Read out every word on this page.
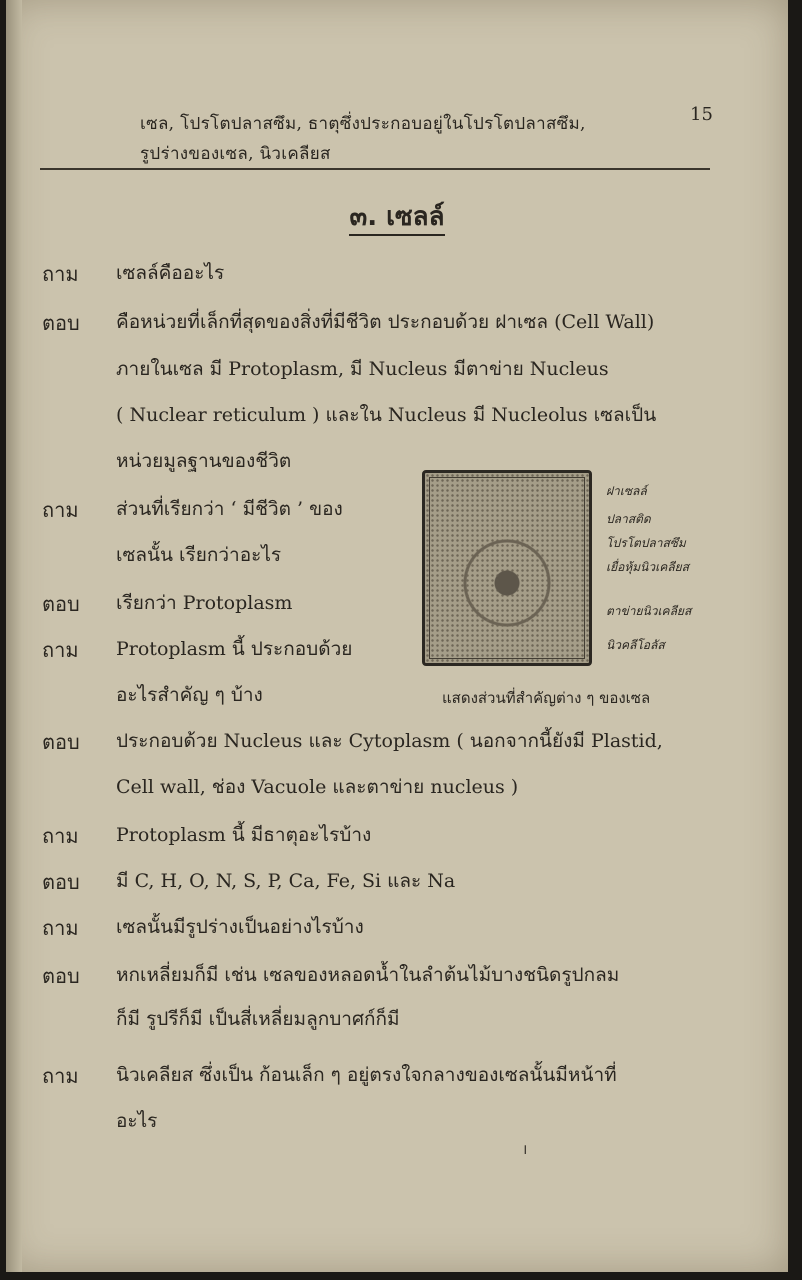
เซล, โปรโตปลาสซึม, ธาตุซึ่งประกอบอยู่ในโปรโตปลาสซึม,
รูปร่างของเซล, นิวเคลียส
15
๓. เซลล์
ถาม เซลล์คืออะไร
ตอบ คือหน่วยที่เล็กที่สุดของสิ่งที่มีชีวิต ประกอบด้วย ฝาเซล (Cell Wall)
ภายในเซล มี Protoplasm, มี Nucleus มีตาข่าย Nucleus
( Nuclear reticulum ) และใน Nucleus มี Nucleolus เซลเป็น
หน่วยมูลฐานของชีวิต
ถาม ส่วนที่เรียกว่า ‘ มีชีวิต ’ ของ
เซลนั้น เรียกว่าอะไร
ตอบ เรียกว่า Protoplasm
ถาม Protoplasm นี้ ประกอบด้วย
อะไรสำคัญ ๆ บ้าง
ฝาเซลล์
ปลาสติด
โปรโตปลาสซึม
เยื่อหุ้มนิวเคลียส
ตาข่ายนิวเคลียส
นิวคลีโอลัส
แสดงส่วนที่สำคัญต่าง ๆ ของเซล
ตอบ ประกอบด้วย Nucleus และ Cytoplasm ( นอกจากนี้ยังมี Plastid,
Cell wall, ช่อง Vacuole และตาข่าย nucleus )
ถาม Protoplasm นี้ มีธาตุอะไรบ้าง
ตอบ มี C, H, O, N, S, P, Ca, Fe, Si และ Na
ถาม เซลนั้นมีรูปร่างเป็นอย่างไรบ้าง
ตอบ หกเหลี่ยมก็มี เช่น เซลของหลอดน้ำในลำต้นไม้บางชนิดรูปกลม
ก็มี รูปรีก็มี เป็นสี่เหลี่ยมลูกบาศก์ก็มี
ถาม นิวเคลียส ซึ่งเป็น ก้อนเล็ก ๆ อยู่ตรงใจกลางของเซลนั้นมีหน้าที่
อะไร
।
